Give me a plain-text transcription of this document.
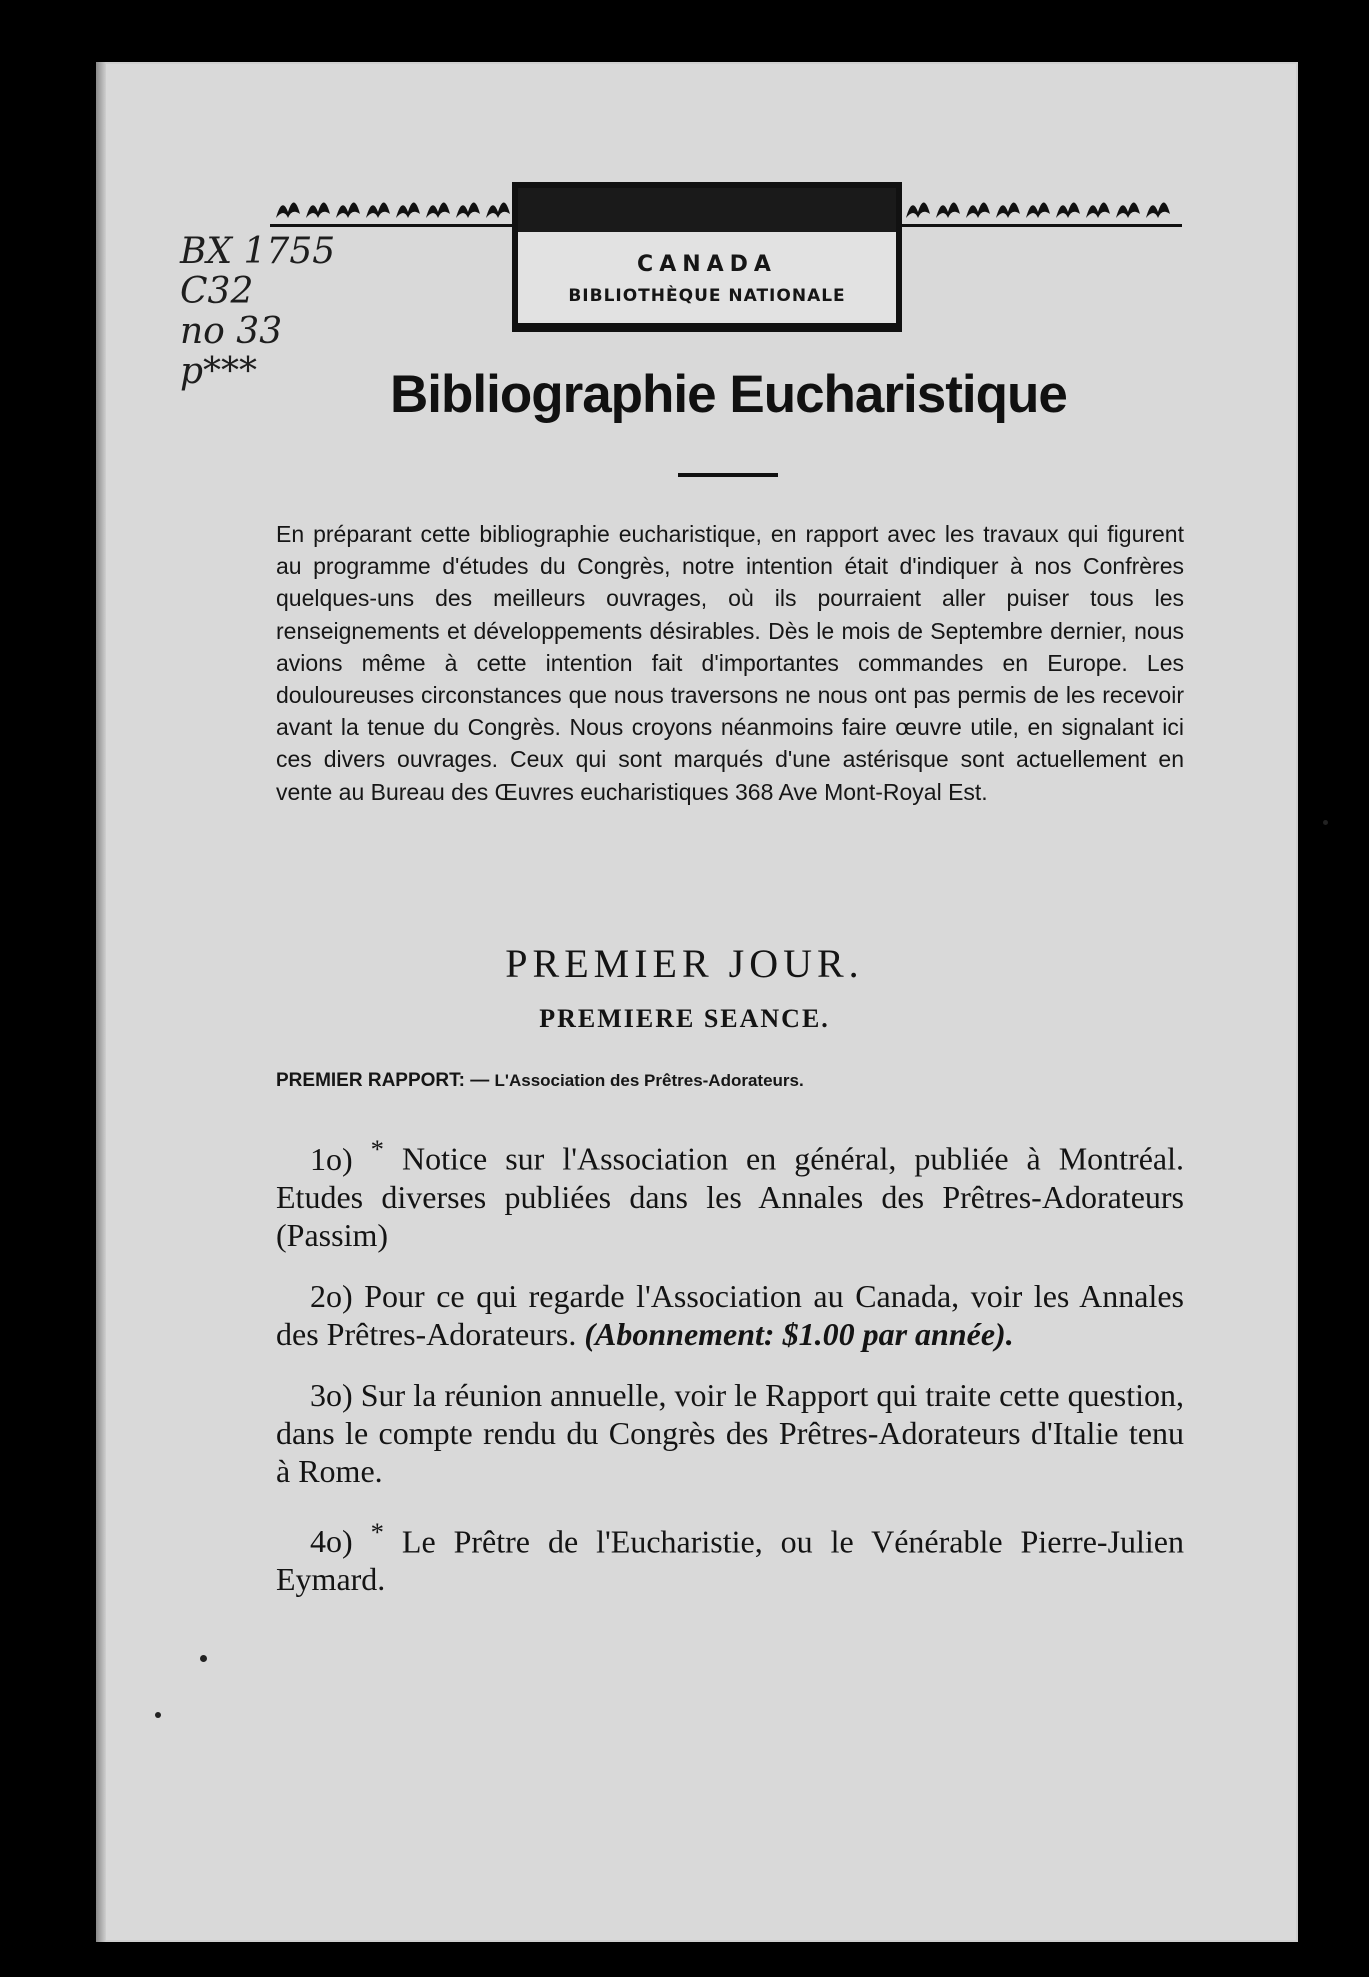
CANADA
BIBLIOTHÈQUE NATIONALE
BX 1755
C32
no 33
p***	Bibliographie Eucharistique
En préparant cette bibliographie eucharistique, en rapport avec les travaux qui figurent au programme d'études du Congrès, notre intention était d'indiquer à nos Confrères quelques-uns des meilleurs ouvrages, où ils pourraient aller puiser tous les renseignements et développements désirables. Dès le mois de Septembre dernier, nous avions même à cette intention fait d'importantes commandes en Europe. Les douloureuses circonstances que nous traversons ne nous ont pas permis de les recevoir avant la tenue du Congrès. Nous croyons néanmoins faire œuvre utile, en signalant ici ces divers ouvrages. Ceux qui sont marqués d'une astérisque sont actuellement en vente au Bureau des Œuvres eucharistiques 368 Ave Mont-Royal Est.
PREMIER JOUR.
PREMIERE SEANCE.
PREMIER RAPPORT: — L'Association des Prêtres-Adorateurs.
1o) * Notice sur l'Association en général, publiée à Montréal. Etudes diverses publiées dans les Annales des Prêtres-Adorateurs (Passim)
2o) Pour ce qui regarde l'Association au Canada, voir les Annales des Prêtres-Adorateurs. (Abonnement: $1.00 par année).
3o) Sur la réunion annuelle, voir le Rapport qui traite cette question, dans le compte rendu du Congrès des Prêtres-Adorateurs d'Italie tenu à Rome.
4o) * Le Prêtre de l'Eucharistie, ou le Vénérable Pierre-Julien Eymard.
